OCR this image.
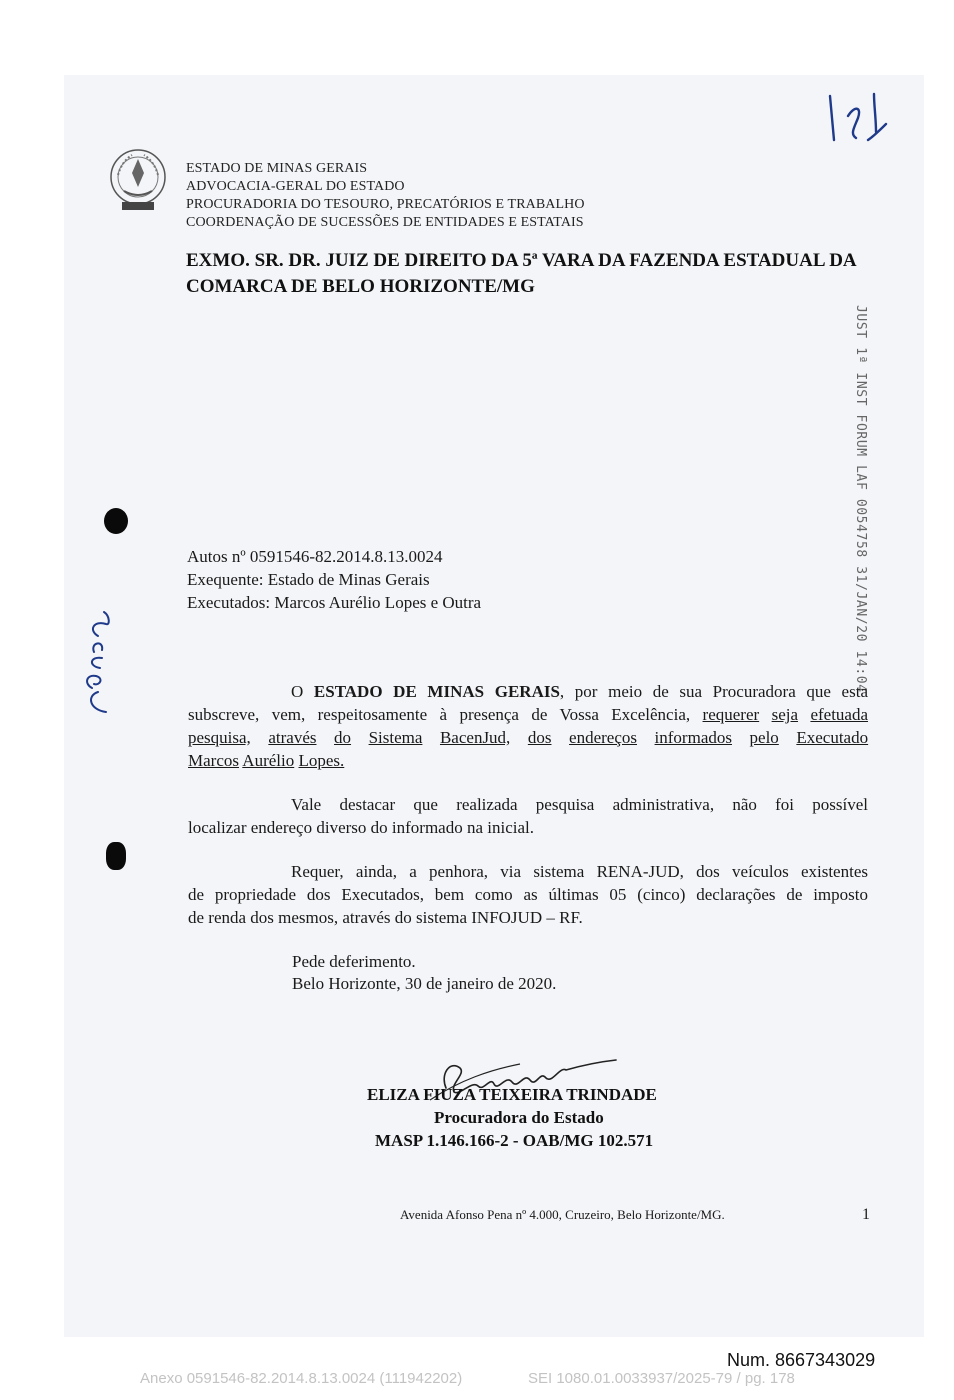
ESTADO DE MINAS GERAIS
ADVOCACIA-GERAL DO ESTADO
PROCURADORIA DO TESOURO, PRECATÓRIOS E TRABALHO
COORDENAÇÃO DE SUCESSÕES DE ENTIDADES E ESTATAIS
EXMO. SR. DR. JUIZ DE DIREITO DA 5ª VARA DA FAZENDA ESTADUAL DA
COMARCA DE BELO HORIZONTE/MG
JUST 1ª INST FORUM LAF 0054758 31/JAN/20 14:04
Autos nº 0591546-82.2014.8.13.0024
Exequente: Estado de Minas Gerais
Executados: Marcos Aurélio Lopes e Outra
O ESTADO DE MINAS GERAIS, por meio de sua Procuradora que esta
subscreve, vem, respeitosamente à presença de Vossa Excelência, requerer seja efetuada
pesquisa, através do Sistema BacenJud, dos endereços informados pelo Executado
Marcos Aurélio Lopes.
Vale destacar que realizada pesquisa administrativa, não foi possível
localizar endereço diverso do informado na inicial.
Requer, ainda, a penhora, via sistema RENA-JUD, dos veículos existentes
de propriedade dos Executados, bem como as últimas 05 (cinco) declarações de imposto
de renda dos mesmos, através do sistema INFOJUD – RF.
Pede deferimento.
Belo Horizonte, 30 de janeiro de 2020.
ELIZA FIUZA TEIXEIRA TRINDADE
Procuradora do Estado
MASP 1.146.166-2 - OAB/MG 102.571
Avenida Afonso Pena nº 4.000, Cruzeiro, Belo Horizonte/MG.	1
Num. 8667343029
Anexo 0591546-82.2014.8.13.0024 (111942202)	SEI 1080.01.0033937/2025-79 / pg. 178
